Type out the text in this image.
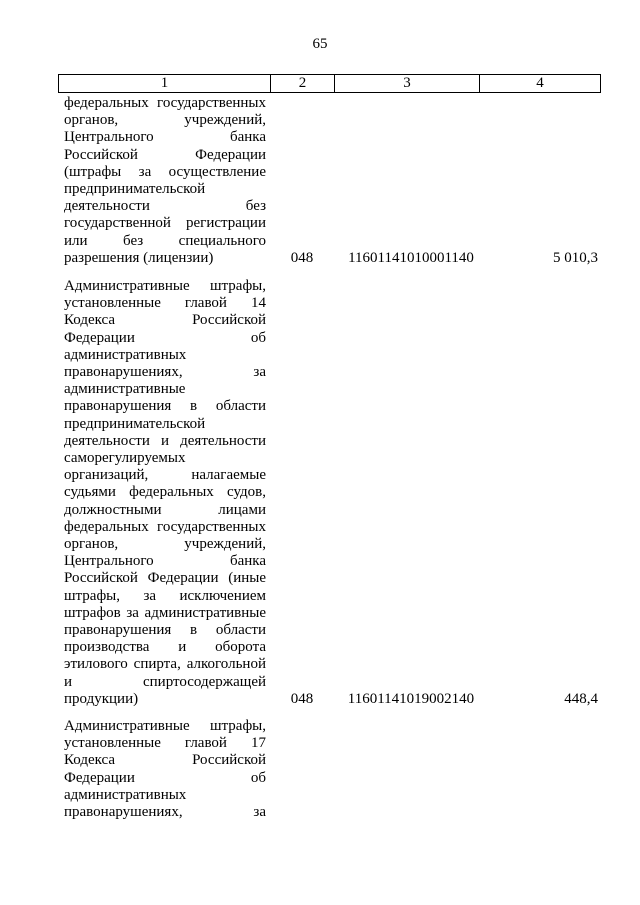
65
1	2	3	4
федеральных государственных
органов, учреждений,
Центрального банка
Российской Федерации
(штрафы за осуществление
предпринимательской
деятельности без
государственной регистрации
или без специального
разрешения (лицензии)	048	11601141010001140	5 010,3
Административные штрафы,
установленные главой 14
Кодекса Российской
Федерации об
административных
правонарушениях, за
административные
правонарушения в области
предпринимательской
деятельности и деятельности
саморегулируемых
организаций, налагаемые
судьями федеральных судов,
должностными лицами
федеральных государственных
органов, учреждений,
Центрального банка
Российской Федерации (иные
штрафы, за исключением
штрафов за административные
правонарушения в области
производства и оборота
этилового спирта, алкогольной
и спиртосодержащей
продукции)	048	11601141019002140	448,4
Административные штрафы,
установленные главой 17
Кодекса Российской
Федерации об
административных
правонарушениях, за
